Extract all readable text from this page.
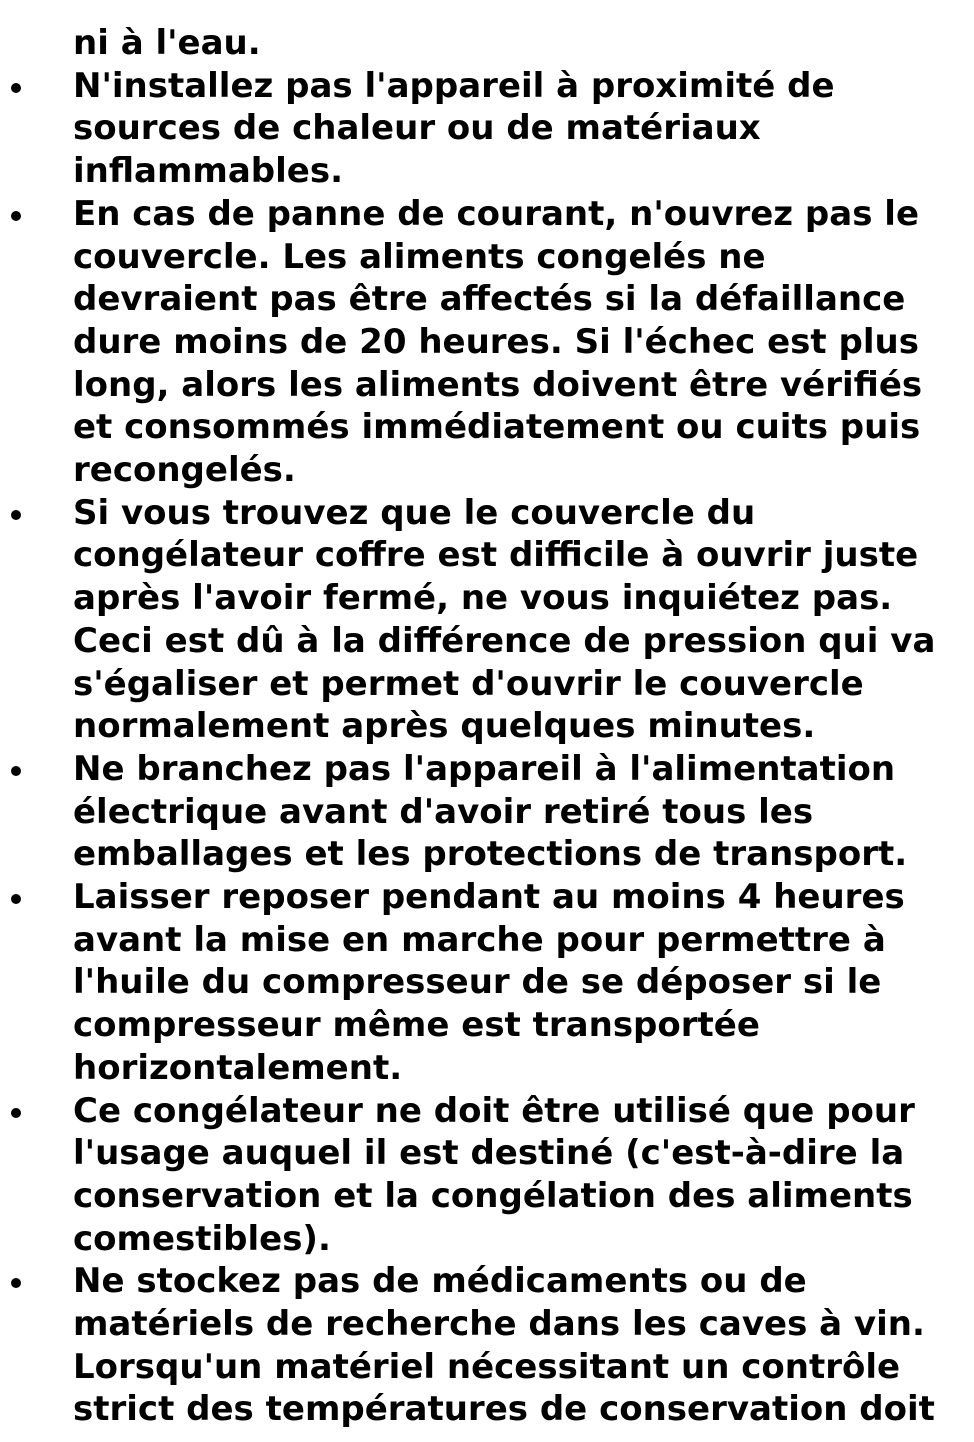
ni à l'eau.
N'installez pas l'appareil à proximité de
sources de chaleur ou de matériaux
inflammables.
En cas de panne de courant, n'ouvrez pas le
couvercle. Les aliments congelés ne
devraient pas être affectés si la défaillance
dure moins de 20 heures. Si l'échec est plus
long, alors les aliments doivent être vérifiés
et consommés immédiatement ou cuits puis
recongelés.
Si vous trouvez que le couvercle du
congélateur coffre est difficile à ouvrir juste
après l'avoir fermé, ne vous inquiétez pas.
Ceci est dû à la différence de pression qui va
s'égaliser et permet d'ouvrir le couvercle
normalement après quelques minutes.
Ne branchez pas l'appareil à l'alimentation
électrique avant d'avoir retiré tous les
emballages et les protections de transport.
Laisser reposer pendant au moins 4 heures
avant la mise en marche pour permettre à
l'huile du compresseur de se déposer si le
compresseur même est transportée
horizontalement.
Ce congélateur ne doit être utilisé que pour
l'usage auquel il est destiné (c'est-à-dire la
conservation et la congélation des aliments
comestibles).
Ne stockez pas de médicaments ou de
matériels de recherche dans les caves à vin.
Lorsqu'un matériel nécessitant un contrôle
strict des températures de conservation doit
